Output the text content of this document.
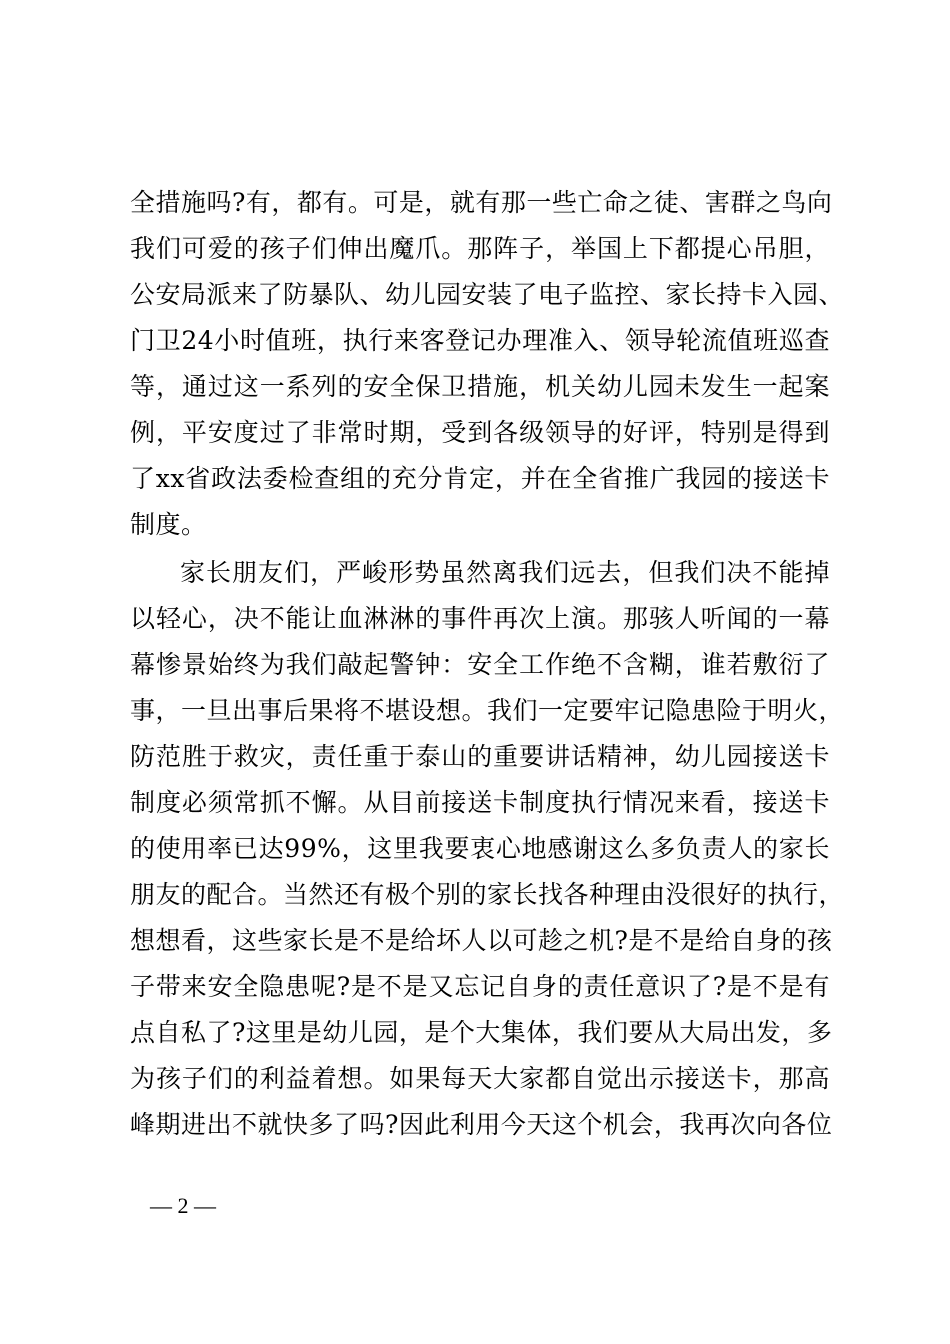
全措施吗?有，都有。可是，就有那一些亡命之徒、害群之鸟向
我们可爱的孩子们伸出魔爪。那阵子，举国上下都提心吊胆，
公安局派来了防暴队、幼儿园安装了电子监控、家长持卡入园、
门卫24小时值班，执行来客登记办理准入、领导轮流值班巡查
等，通过这一系列的安全保卫措施，机关幼儿园未发生一起案
例，平安度过了非常时期，受到各级领导的好评，特别是得到
了xx省政法委检查组的充分肯定，并在全省推广我园的接送卡
制度。
家长朋友们，严峻形势虽然离我们远去，但我们决不能掉
以轻心，决不能让血淋淋的事件再次上演。那骇人听闻的一幕
幕惨景始终为我们敲起警钟：安全工作绝不含糊，谁若敷衍了
事，一旦出事后果将不堪设想。我们一定要牢记隐患险于明火，
防范胜于救灾，责任重于泰山的重要讲话精神，幼儿园接送卡
制度必须常抓不懈。从目前接送卡制度执行情况来看，接送卡
的使用率已达99%，这里我要衷心地感谢这么多负责人的家长
朋友的配合。当然还有极个别的家长找各种理由没很好的执行，
想想看，这些家长是不是给坏人以可趁之机?是不是给自身的孩
子带来安全隐患呢?是不是又忘记自身的责任意识了?是不是有
点自私了?这里是幼儿园，是个大集体，我们要从大局出发，多
为孩子们的利益着想。如果每天大家都自觉出示接送卡，那高
峰期进出不就快多了吗?因此利用今天这个机会，我再次向各位
— 2 —
